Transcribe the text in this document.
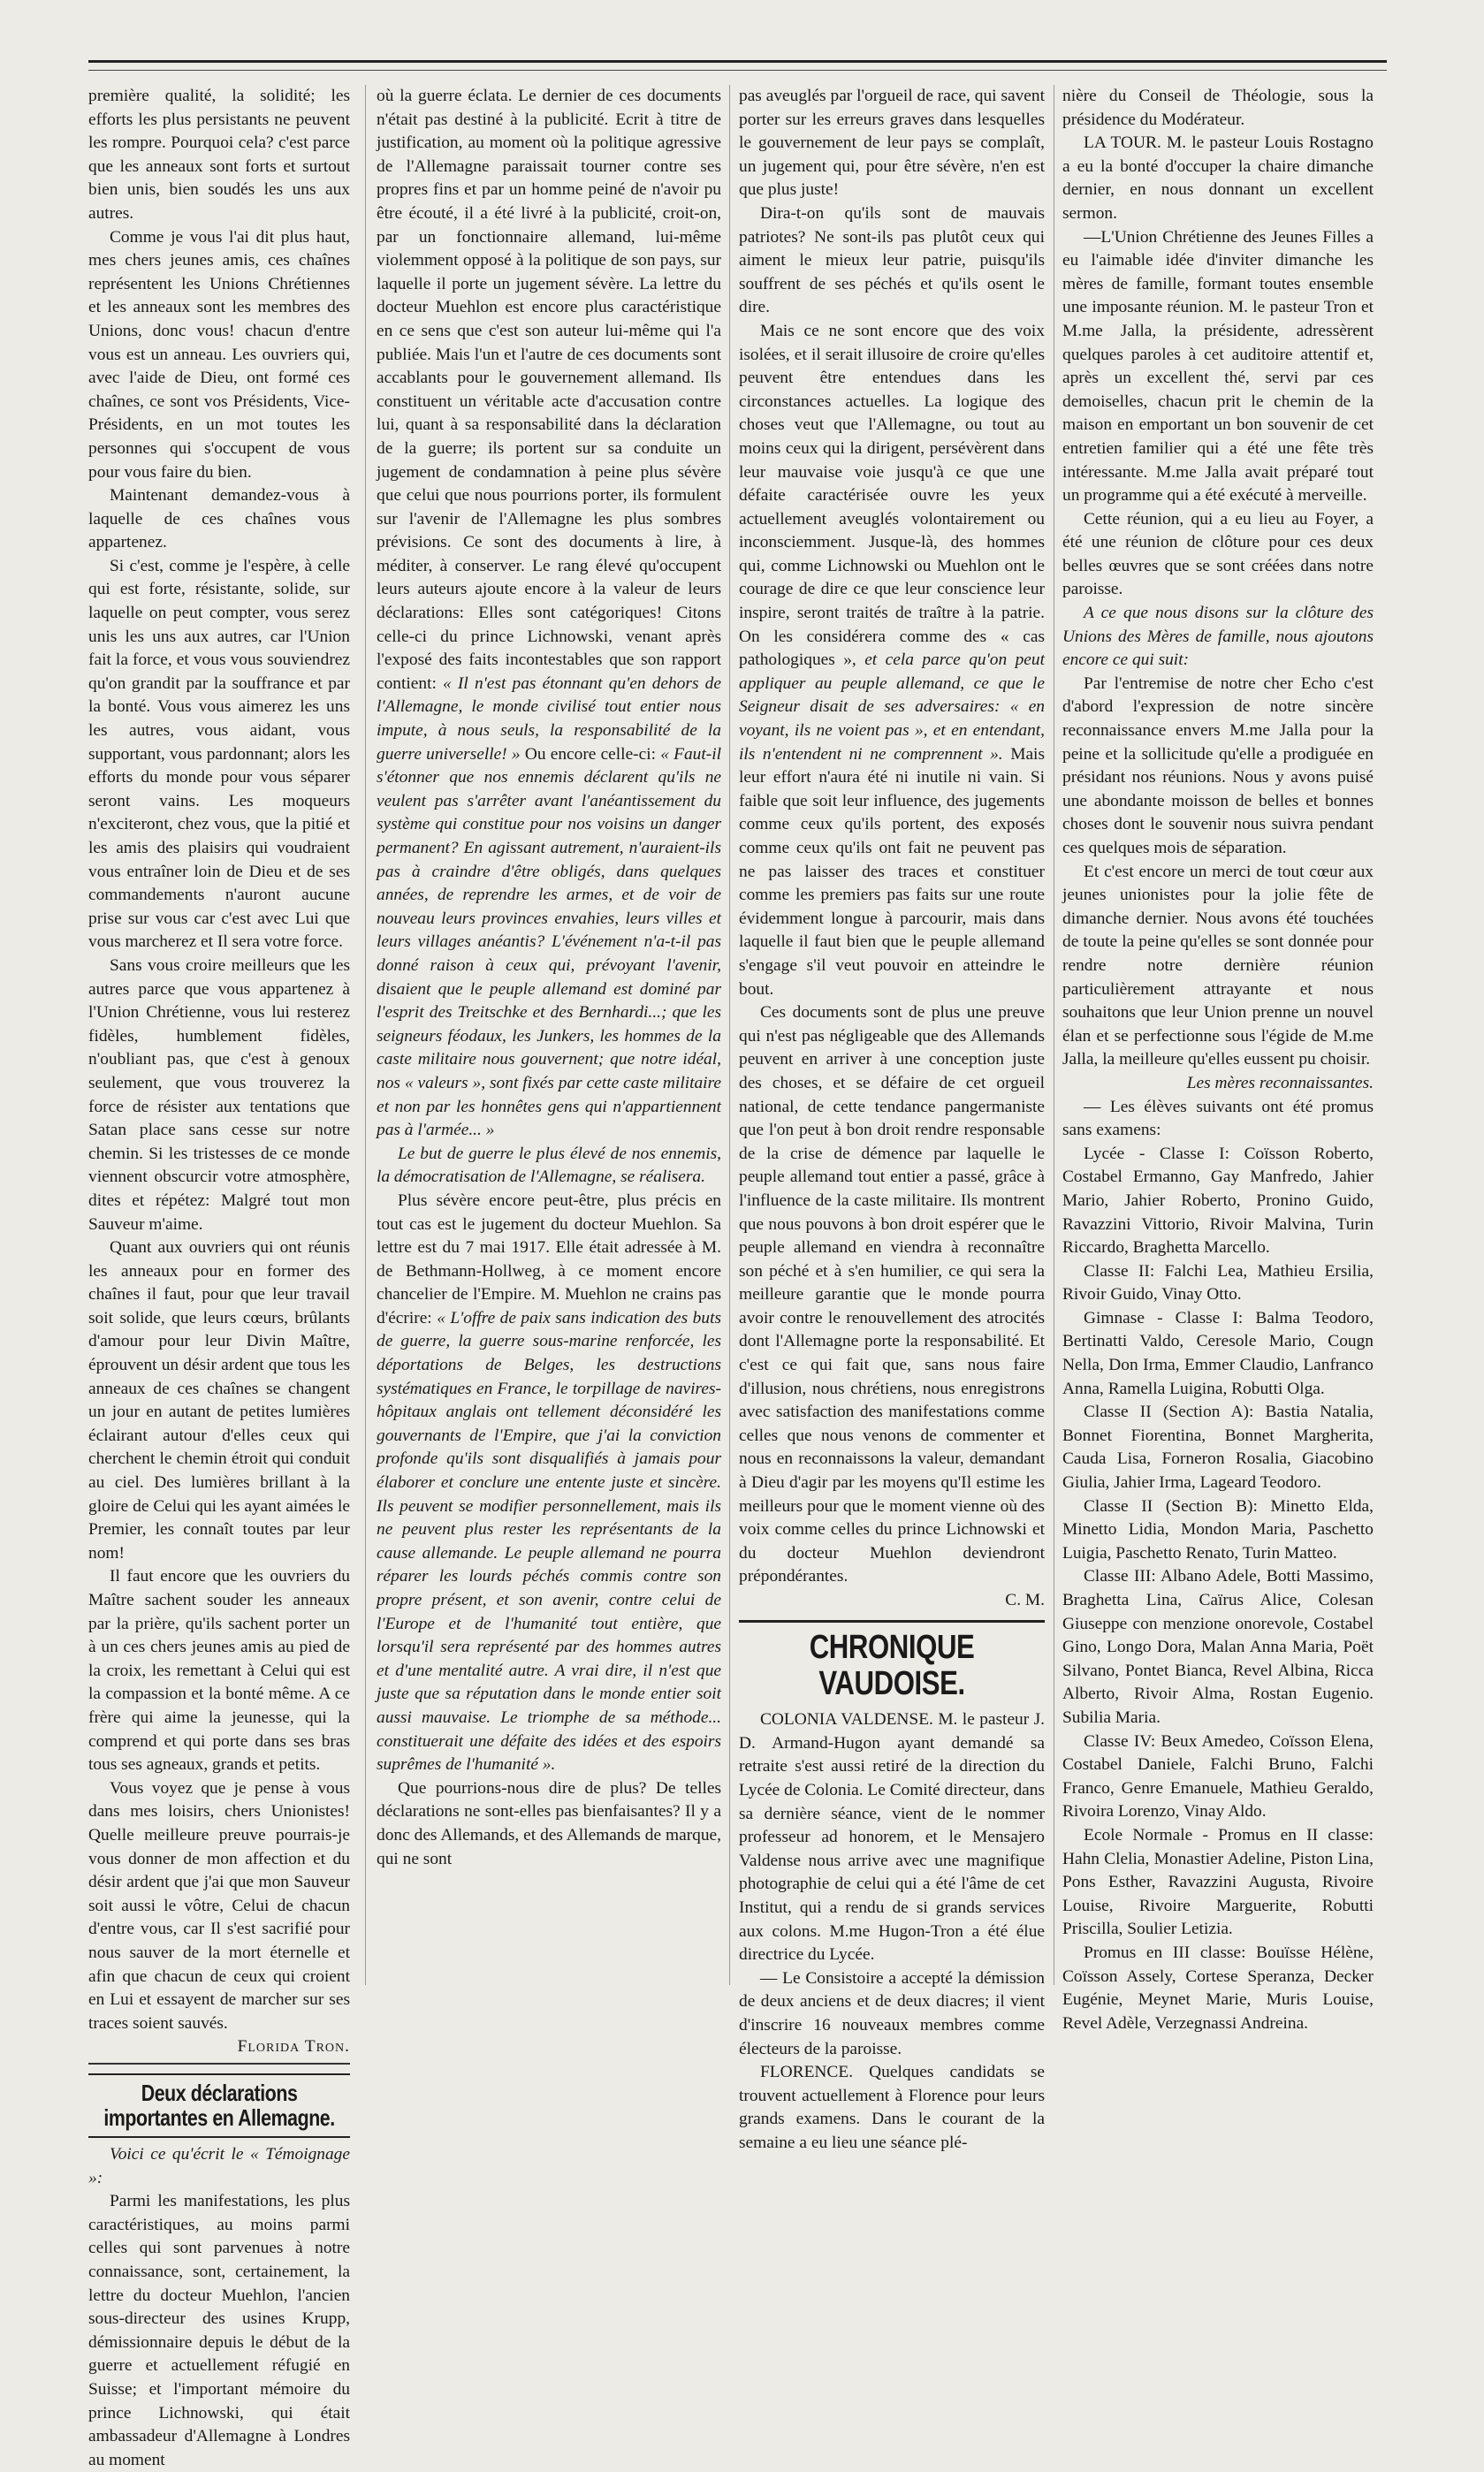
première qualité, la solidité; les efforts les plus persistants ne peuvent les rompre. Pourquoi cela? c'est parce que les anneaux sont forts et surtout bien unis, bien soudés les uns aux autres.

Comme je vous l'ai dit plus haut, mes chers jeunes amis, ces chaînes représentent les Unions Chrétiennes et les anneaux sont les membres des Unions, donc vous! chacun d'entre vous est un anneau. Les ouvriers qui, avec l'aide de Dieu, ont formé ces chaînes, ce sont vos Présidents, Vice-Présidents, en un mot toutes les personnes qui s'occupent de vous pour vous faire du bien.

Maintenant demandez-vous à laquelle de ces chaînes vous appartenez.

Si c'est, comme je l'espère, à celle qui est forte, résistante, solide, sur laquelle on peut compter, vous serez unis les uns aux autres, car l'Union fait la force, et vous vous souviendrez qu'on grandit par la souffrance et par la bonté. Vous vous aimerez les uns les autres, vous aidant, vous supportant, vous pardonnant; alors les efforts du monde pour vous séparer seront vains. Les moqueurs n'exciteront, chez vous, que la pitié et les amis des plaisirs qui voudraient vous entraîner loin de Dieu et de ses commandements n'auront aucune prise sur vous car c'est avec Lui que vous marcherez et Il sera votre force.

Sans vous croire meilleurs que les autres parce que vous appartenez à l'Union Chrétienne, vous lui resterez fidèles, humblement fidèles, n'oubliant pas, que c'est à genoux seulement, que vous trouverez la force de résister aux tentations que Satan place sans cesse sur notre chemin. Si les tristesses de ce monde viennent obscurcir votre atmosphère, dites et répétez: Malgré tout mon Sauveur m'aime.

Quant aux ouvriers qui ont réunis les anneaux pour en former des chaînes il faut, pour que leur travail soit solide, que leurs cœurs, brûlants d'amour pour leur Divin Maître, éprouvent un désir ardent que tous les anneaux de ces chaînes se changent un jour en autant de petites lumières éclairant autour d'elles ceux qui cherchent le chemin étroit qui conduit au ciel. Des lumières brillant à la gloire de Celui qui les ayant aimées le Premier, les connaît toutes par leur nom!

Il faut encore que les ouvriers du Maître sachent souder les anneaux par la prière, qu'ils sachent porter un à un ces chers jeunes amis au pied de la croix, les remettant à Celui qui est la compassion et la bonté même. A ce frère qui aime la jeunesse, qui la comprend et qui porte dans ses bras tous ses agneaux, grands et petits.

Vous voyez que je pense à vous dans mes loisirs, chers Unionistes! Quelle meilleure preuve pourrais-je vous donner de mon affection et du désir ardent que j'ai que mon Sauveur soit aussi le vôtre, Celui de chacun d'entre vous, car Il s'est sacrifié pour nous sauver de la mort éternelle et afin que chacun de ceux qui croient en Lui et essayent de marcher sur ses traces soient sauvés.

Florida Tron.

Deux déclarations importantes en Allemagne.

Voici ce qu'écrit le « Témoignage »:

Parmi les manifestations, les plus caractéristiques, au moins parmi celles qui sont parvenues à notre connaissance, sont, certainement, la lettre du docteur Muehlon, l'ancien sous-directeur des usines Krupp, démissionnaire depuis le début de la guerre et actuellement réfugié en Suisse; et l'important mémoire du prince Lichnowski, qui était ambassadeur d'Allemagne à Londres au moment

où la guerre éclata. Le dernier de ces documents n'était pas destiné à la publicité. Ecrit à titre de justification, au moment où la politique agressive de l'Allemagne paraissait tourner contre ses propres fins et par un homme peiné de n'avoir pu être écouté, il a été livré à la publicité, croit-on, par un fonctionnaire allemand, lui-même violemment opposé à la politique de son pays, sur laquelle il porte un jugement sévère. La lettre du docteur Muehlon est encore plus caractéristique en ce sens que c'est son auteur lui-même qui l'a publiée. Mais l'un et l'autre de ces documents sont accablants pour le gouvernement allemand. Ils constituent un véritable acte d'accusation contre lui, quant à sa responsabilité dans la déclaration de la guerre; ils portent sur sa conduite un jugement de condamnation à peine plus sévère que celui que nous pourrions porter, ils formulent sur l'avenir de l'Allemagne les plus sombres prévisions. Ce sont des documents à lire, à méditer, à conserver. Le rang élevé qu'occupent leurs auteurs ajoute encore à la valeur de leurs déclarations: Elles sont catégoriques! Citons celle-ci du prince Lichnowski, venant après l'exposé des faits incontestables que son rapport contient: « Il n'est pas étonnant qu'en dehors de l'Allemagne, le monde civilisé tout entier nous impute, à nous seuls, la responsabilité de la guerre universelle! » Ou encore celle-ci: « Faut-il s'étonner que nos ennemis déclarent qu'ils ne veulent pas s'arrêter avant l'anéantissement du système qui constitue pour nos voisins un danger permanent? En agissant autrement, n'auraient-ils pas à craindre d'être obligés, dans quelques années, de reprendre les armes, et de voir de nouveau leurs provinces envahies, leurs villes et leurs villages anéantis? L'événement n'a-t-il pas donné raison à ceux qui, prévoyant l'avenir, disaient que le peuple allemand est dominé par l'esprit des Treitschke et des Bernhardi...; que les seigneurs féodaux, les Junkers, les hommes de la caste militaire nous gouvernent; que notre idéal, nos « valeurs », sont fixés par cette caste militaire et non par les honnêtes gens qui n'appartiennent pas à l'armée... »

Le but de guerre le plus élevé de nos ennemis, la démocratisation de l'Allemagne, se réalisera.

Plus sévère encore peut-être, plus précis en tout cas est le jugement du docteur Muehlon. Sa lettre est du 7 mai 1917. Elle était adressée à M. de Bethmann-Hollweg, à ce moment encore chancelier de l'Empire. M. Muehlon ne crains pas d'écrire: « L'offre de paix sans indication des buts de guerre, la guerre sous-marine renforcée, les déportations de Belges, les destructions systématiques en France, le torpillage de navires-hôpitaux anglais ont tellement déconsidéré les gouvernants de l'Empire, que j'ai la conviction profonde qu'ils sont disqualifiés à jamais pour élaborer et conclure une entente juste et sincère. Ils peuvent se modifier personnellement, mais ils ne peuvent plus rester les représentants de la cause allemande. Le peuple allemand ne pourra réparer les lourds péchés commis contre son propre présent, et son avenir, contre celui de l'Europe et de l'humanité tout entière, que lorsqu'il sera représenté par des hommes autres et d'une mentalité autre. A vrai dire, il n'est que juste que sa réputation dans le monde entier soit aussi mauvaise. Le triomphe de sa méthode... constituerait une défaite des idées et des espoirs suprêmes de l'humanité ».

Que pourrions-nous dire de plus? De telles déclarations ne sont-elles pas bienfaisantes? Il y a donc des Allemands, et des Allemands de marque, qui ne sont

pas aveuglés par l'orgueil de race, qui savent porter sur les erreurs graves dans lesquelles le gouvernement de leur pays se complaît, un jugement qui, pour être sévère, n'en est que plus juste!

Dira-t-on qu'ils sont de mauvais patriotes? Ne sont-ils pas plutôt ceux qui aiment le mieux leur patrie, puisqu'ils souffrent de ses péchés et qu'ils osent le dire.

Mais ce ne sont encore que des voix isolées, et il serait illusoire de croire qu'elles peuvent être entendues dans les circonstances actuelles. La logique des choses veut que l'Allemagne, ou tout au moins ceux qui la dirigent, persévèrent dans leur mauvaise voie jusqu'à ce que une défaite caractérisée ouvre les yeux actuellement aveuglés volontairement ou inconsciemment. Jusque-là, des hommes qui, comme Lichnowski ou Muehlon ont le courage de dire ce que leur conscience leur inspire, seront traités de traître à la patrie. On les considérera comme des « cas pathologiques », et cela parce qu'on peut appliquer au peuple allemand, ce que le Seigneur disait de ses adversaires: « en voyant, ils ne voient pas », et en entendant, ils n'entendent ni ne comprennent ». Mais leur effort n'aura été ni inutile ni vain. Si faible que soit leur influence, des jugements comme ceux qu'ils portent, des exposés comme ceux qu'ils ont fait ne peuvent pas ne pas laisser des traces et constituer comme les premiers pas faits sur une route évidemment longue à parcourir, mais dans laquelle il faut bien que le peuple allemand s'engage s'il veut pouvoir en atteindre le bout.

Ces documents sont de plus une preuve qui n'est pas négligeable que des Allemands peuvent en arriver à une conception juste des choses, et se défaire de cet orgueil national, de cette tendance pangermaniste que l'on peut à bon droit rendre responsable de la crise de démence par laquelle le peuple allemand tout entier a passé, grâce à l'influence de la caste militaire. Ils montrent que nous pouvons à bon droit espérer que le peuple allemand en viendra à reconnaître son péché et à s'en humilier, ce qui sera la meilleure garantie que le monde pourra avoir contre le renouvellement des atrocités dont l'Allemagne porte la responsabilité. Et c'est ce qui fait que, sans nous faire d'illusion, nous chrétiens, nous enregistrons avec satisfaction des manifestations comme celles que nous venons de commenter et nous en reconnaissons la valeur, demandant à Dieu d'agir par les moyens qu'Il estime les meilleurs pour que le moment vienne où des voix comme celles du prince Lichnowski et du docteur Muehlon deviendront prépondérantes.

C. M.

CHRONIQUE VAUDOISE.

COLONIA VALDENSE. M. le pasteur J. D. Armand-Hugon ayant demandé sa retraite s'est aussi retiré de la direction du Lycée de Colonia. Le Comité directeur, dans sa dernière séance, vient de le nommer professeur ad honorem, et le Mensajero Valdense nous arrive avec une magnifique photographie de celui qui a été l'âme de cet Institut, qui a rendu de si grands services aux colons. M.me Hugon-Tron a été élue directrice du Lycée.

— Le Consistoire a accepté la démission de deux anciens et de deux diacres; il vient d'inscrire 16 nouveaux membres comme électeurs de la paroisse.

FLORENCE. Quelques candidats se trouvent actuellement à Florence pour leurs grands examens. Dans le courant de la semaine a eu lieu une séance plé-

nière du Conseil de Théologie, sous la présidence du Modérateur.

LA TOUR. M. le pasteur Louis Rostagno a eu la bonté d'occuper la chaire dimanche dernier, en nous donnant un excellent sermon.

—L'Union Chrétienne des Jeunes Filles a eu l'aimable idée d'inviter dimanche les mères de famille, formant toutes ensemble une imposante réunion. M. le pasteur Tron et M.me Jalla, la présidente, adressèrent quelques paroles à cet auditoire attentif et, après un excellent thé, servi par ces demoiselles, chacun prit le chemin de la maison en emportant un bon souvenir de cet entretien familier qui a été une fête très intéressante. M.me Jalla avait préparé tout un programme qui a été exécuté à merveille.

Cette réunion, qui a eu lieu au Foyer, a été une réunion de clôture pour ces deux belles œuvres que se sont créées dans notre paroisse.

A ce que nous disons sur la clôture des Unions des Mères de famille, nous ajoutons encore ce qui suit:

Par l'entremise de notre cher Echo c'est d'abord l'expression de notre sincère reconnaissance envers M.me Jalla pour la peine et la sollicitude qu'elle a prodiguée en présidant nos réunions. Nous y avons puisé une abondante moisson de belles et bonnes choses dont le souvenir nous suivra pendant ces quelques mois de séparation.

Et c'est encore un merci de tout cœur aux jeunes unionistes pour la jolie fête de dimanche dernier. Nous avons été touchées de toute la peine qu'elles se sont donnée pour rendre notre dernière réunion particulièrement attrayante et nous souhaitons que leur Union prenne un nouvel élan et se perfectionne sous l'égide de M.me Jalla, la meilleure qu'elles eussent pu choisir.

Les mères reconnaissantes.

— Les élèves suivants ont été promus sans examens:

Lycée - Classe I: Coïsson Roberto, Costabel Ermanno, Gay Manfredo, Jahier Mario, Jahier Roberto, Pronino Guido, Ravazzini Vittorio, Rivoir Malvina, Turin Riccardo, Braghetta Marcello.

Classe II: Falchi Lea, Mathieu Ersilia, Rivoir Guido, Vinay Otto.

Gimnase - Classe I: Balma Teodoro, Bertinatti Valdo, Ceresole Mario, Cougn Nella, Don Irma, Emmer Claudio, Lanfranco Anna, Ramella Luigina, Robutti Olga.

Classe II (Section A): Bastia Natalia, Bonnet Fiorentina, Bonnet Margherita, Cauda Lisa, Forneron Rosalia, Giacobino Giulia, Jahier Irma, Lageard Teodoro.

Classe II (Section B): Minetto Elda, Minetto Lidia, Mondon Maria, Paschetto Luigia, Paschetto Renato, Turin Matteo.

Classe III: Albano Adele, Botti Massimo, Braghetta Lina, Caïrus Alice, Colesan Giuseppe con menzione onorevole, Costabel Gino, Longo Dora, Malan Anna Maria, Poët Silvano, Pontet Bianca, Revel Albina, Ricca Alberto, Rivoir Alma, Rostan Eugenio. Subilia Maria.

Classe IV: Beux Amedeo, Coïsson Elena, Costabel Daniele, Falchi Bruno, Falchi Franco, Genre Emanuele, Mathieu Geraldo, Rivoira Lorenzo, Vinay Aldo.

Ecole Normale - Promus en II classe: Hahn Clelia, Monastier Adeline, Piston Lina, Pons Esther, Ravazzini Augusta, Rivoire Louise, Rivoire Marguerite, Robutti Priscilla, Soulier Letizia.

Promus en III classe: Bouïsse Hélène, Coïsson Assely, Cortese Speranza, Decker Eugénie, Meynet Marie, Muris Louise, Revel Adèle, Verzegnassi Andreina.
